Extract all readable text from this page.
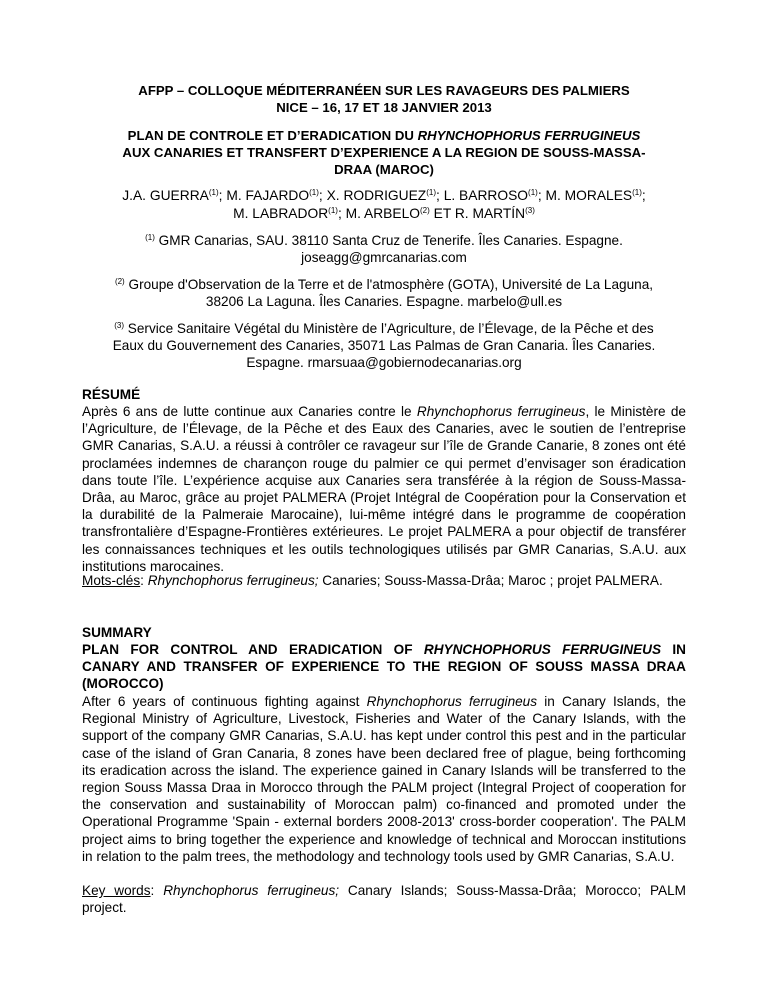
AFPP – COLLOQUE MÉDITERRANÉEN SUR LES RAVAGEURS DES PALMIERS
NICE – 16, 17 ET 18 JANVIER 2013
PLAN DE CONTROLE ET D’ERADICATION DU RHYNCHOPHORUS FERRUGINEUS
AUX CANARIES ET TRANSFERT D’EXPERIENCE A LA REGION DE SOUSS-MASSA-
DRAA (MAROC)
J.A. GUERRA$^{(1)}$; M. FAJARDO$^{(1)}$; X. RODRIGUEZ$^{(1)}$; L. BARROSO$^{(1)}$; M. MORALES$^{(1)}$;
M. LABRADOR$^{(1)}$; M. ARBELO$^{(2)}$ ET R. MARTÍN$^{(3)}$
$^{(1)}$ GMR Canarias, SAU. 38110 Santa Cruz de Tenerife. Îles Canaries. Espagne.
joseagg@gmrcanarias.com
$^{(2)}$ Groupe d'Observation de la Terre et de l'atmosphère (GOTA), Université de La Laguna,
38206 La Laguna. Îles Canaries. Espagne. marbelo@ull.es
$^{(3)}$ Service Sanitaire Végétal du Ministère de l’Agriculture, de l’Élevage, de la Pêche et des
Eaux du Gouvernement des Canaries, 35071 Las Palmas de Gran Canaria. Îles Canaries.
Espagne. rmarsuaa@gobiernodecanarias.org
RÉSUMÉ
Après 6 ans de lutte continue aux Canaries contre le Rhynchophorus ferrugineus, le Ministère de l’Agriculture, de l’Élevage, de la Pêche et des Eaux des Canaries, avec le soutien de l’entreprise GMR Canarias, S.A.U. a réussi à contrôler ce ravageur sur l’île de Grande Canarie, 8 zones ont été proclamées indemnes de charançon rouge du palmier ce qui permet d’envisager son éradication dans toute l’île. L’expérience acquise aux Canaries sera transférée à la région de Souss-Massa-Drâa, au Maroc, grâce au projet PALMERA (Projet Intégral de Coopération pour la Conservation et la durabilité de la Palmeraie Marocaine), lui-même intégré dans le programme de coopération transfrontalière d’Espagne-Frontières extérieures. Le projet PALMERA a pour objectif de transférer les connaissances techniques et les outils technologiques utilisés par GMR Canarias, S.A.U. aux institutions marocaines.
Mots-clés: Rhynchophorus ferrugineus; Canaries; Souss-Massa-Drâa; Maroc ; projet PALMERA.
SUMMARY
PLAN FOR CONTROL AND ERADICATION OF RHYNCHOPHORUS FERRUGINEUS IN CANARY AND TRANSFER OF EXPERIENCE TO THE REGION OF SOUSS MASSA DRAA (MOROCCO)
After 6 years of continuous fighting against Rhynchophorus ferrugineus in Canary Islands, the Regional Ministry of Agriculture, Livestock, Fisheries and Water of the Canary Islands, with the support of the company GMR Canarias, S.A.U. has kept under control this pest and in the particular case of the island of Gran Canaria, 8 zones have been declared free of plague, being forthcoming its eradication across the island. The experience gained in Canary Islands will be transferred to the region Souss Massa Draa in Morocco through the PALM project (Integral Project of cooperation for the conservation and sustainability of Moroccan palm) co-financed and promoted under the Operational Programme 'Spain - external borders 2008-2013' cross-border cooperation'. The PALM project aims to bring together the experience and knowledge of technical and Moroccan institutions in relation to the palm trees, the methodology and technology tools used by GMR Canarias, S.A.U.
Key words: Rhynchophorus ferrugineus; Canary Islands; Souss-Massa-Drâa; Morocco; PALM project.
